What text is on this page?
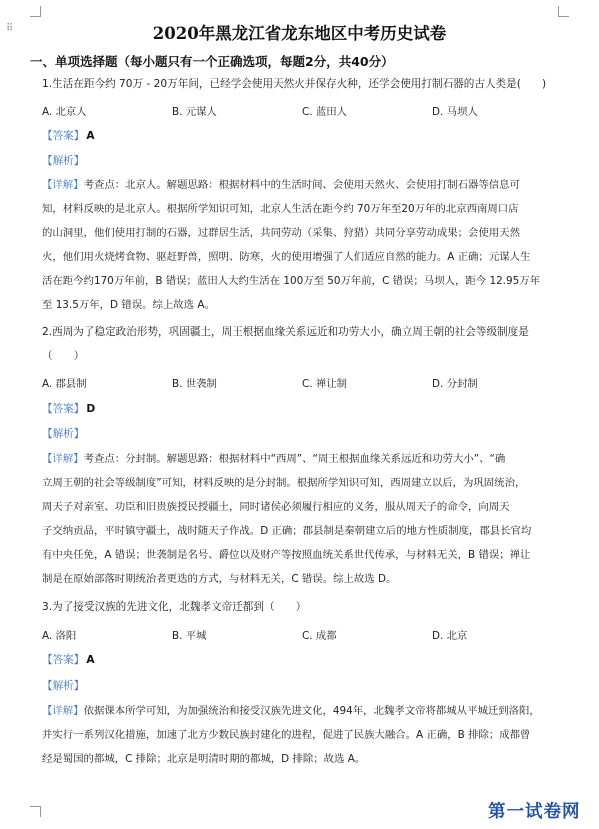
⠿	2020年黑龙江省龙东地区中考历史试卷
一、单项选择题（每小题只有一个正确选项，每题2分，共40分）
1.生活在距今约 70万 - 20万年间，已经学会使用天然火并保存火种，还学会使用打制石器的古人类是(　　)
A. 北京人	B. 元谋人	C. 蓝田人	D. 马坝人
【答案】 A
【解析】
【详解】考查点：北京人。解题思路：根据材料中的生活时间、会使用天然火、会使用打制石器等信息可
知，材料反映的是北京人。根据所学知识可知，北京人生活在距今约 70万年至20万年的北京西南周口店
的山洞里，他们使用打制的石器，过群居生活，共同劳动（采集、狩猎）共同分享劳动成果；会使用天然
火，他们用火烧烤食物、驱赶野兽，照明、防寒，火的使用增强了人们适应自然的能力。A 正确；元谋人生
活在距今约170万年前，B 错误；蓝田人大约生活在 100万至 50万年前，C 错误；马坝人，距今 12.95万年
至 13.5万年，D 错误。综上故选 A。
2.西周为了稳定政治形势，巩固疆土，周王根据血缘关系远近和功劳大小，确立周王朝的社会等级制度是
（　　）
A. 郡县制	B. 世袭制	C. 禅让制	D. 分封制
【答案】 D
【解析】
【详解】考查点：分封制。解题思路：根据材料中“西周”、“周王根据血缘关系远近和功劳大小”、“确
立周王朝的社会等级制度”可知，材料反映的是分封制。根据所学知识可知，西周建立以后，为巩固统治，
周天子对亲室、功臣和旧贵族授民授疆土，同时诸侯必须履行相应的义务，服从周天子的命令，向周天
子交纳贡品，平时镇守疆土，战时随天子作战。D 正确；郡县制是秦朝建立后的地方性质制度，郡县长官均
有中央任免，A 错误；世袭制是名号、爵位以及财产等按照血统关系世代传承，与材料无关，B 错误；禅让
制是在原始部落时期统治者更迭的方式，与材料无关，C 错误。综上故选 D。
3.为了接受汉族的先进文化，北魏孝文帝迁都到（　　）
A. 洛阳	B. 平城	C. 成都	D. 北京
【答案】 A
【解析】
【详解】依据课本所学可知，为加强统治和接受汉族先进文化，494年，北魏孝文帝将都城从平城迁到洛阳，
并实行一系列汉化措施，加速了北方少数民族封建化的进程，促进了民族大融合。A 正确，B 排除；成都曾
经是蜀国的都城，C 排除；北京是明清时期的都城，D 排除；故选 A。
第一试卷网
